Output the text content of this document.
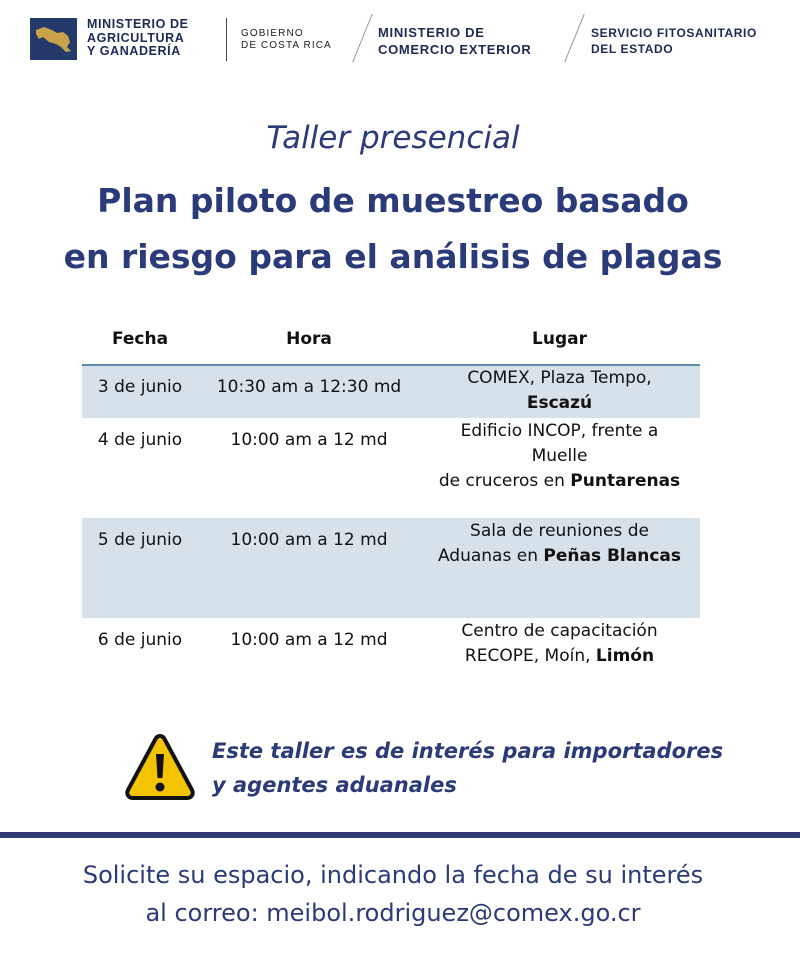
MINISTERIO DE
AGRICULTURA
Y GANADERÍA
GOBIERNO
DE COSTA RICA
MINISTERIO DE
COMERCIO EXTERIOR
SERVICIO FITOSANITARIO
DEL ESTADO
Taller presencial
Plan piloto de muestreo basado
en riesgo para el análisis de plagas
Fecha	Hora	Lugar
3 de junio	10:30 am a 12:30 md	COMEX, Plaza Tempo,
Escazú
4 de junio	10:00 am a 12 md	Edificio INCOP, frente a
Muelle
de cruceros en Puntarenas
5 de junio	10:00 am a 12 md	Sala de reuniones de
Aduanas en Peñas Blancas
6 de junio	10:00 am a 12 md	Centro de capacitación
RECOPE, Moín, Limón
Este taller es de interés para importadores
y agentes aduanales
Solicite su espacio, indicando la fecha de su interés
al correo: meibol.rodriguez@comex.go.cr
